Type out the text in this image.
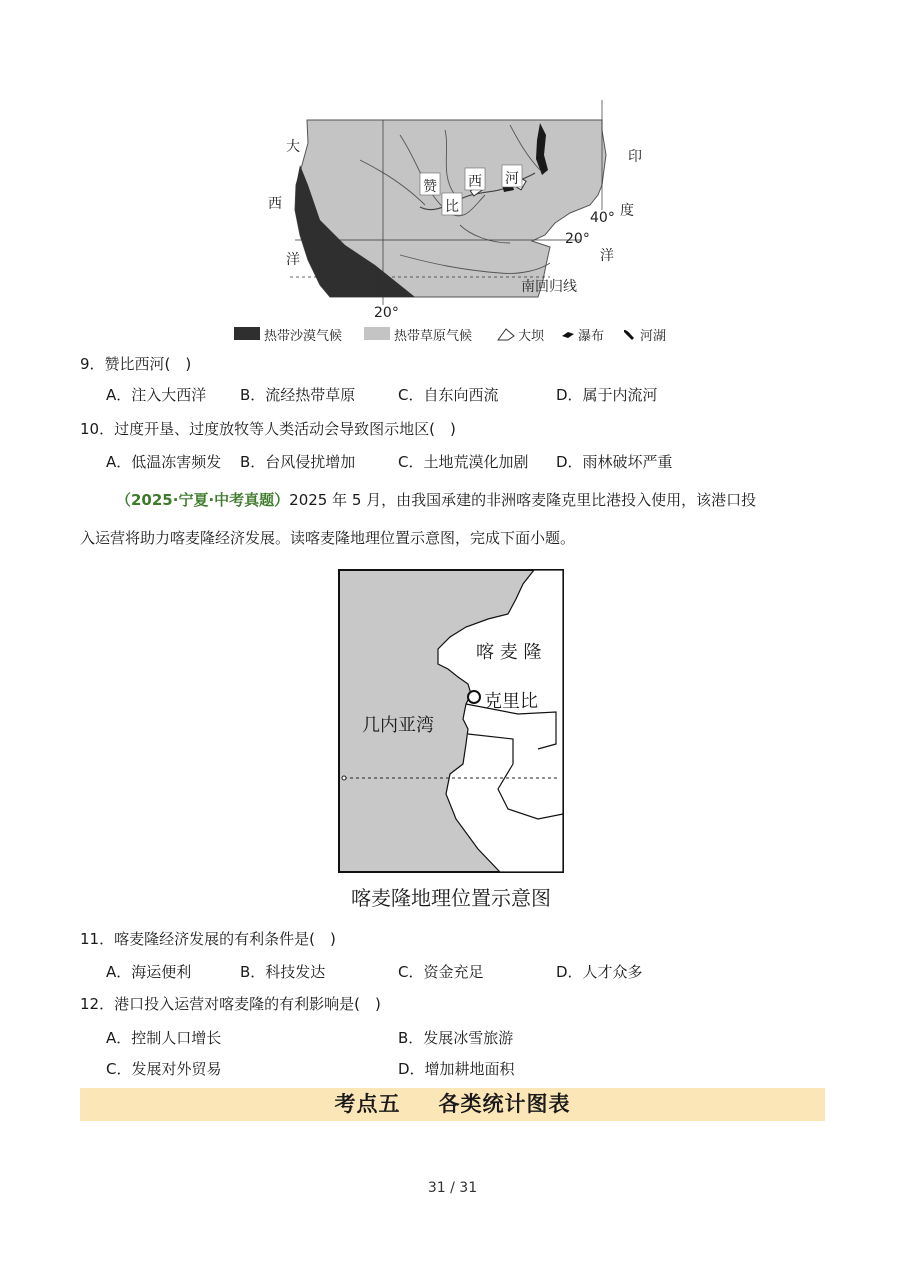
大
西
洋
印
度
洋
赞
比
西 河
20°
40°
20°
南回归线
热带沙漠气候	热带草原气候	大坝	瀑布	河湖
9．赞比西河(　)
A．注入大西洋 B．流经热带草原	C．自东向西流	D．属于内流河
10．过度开垦、过度放牧等人类活动会导致图示地区(　)
A．低温冻害频发 B．台风侵扰增加	C．土地荒漠化加剧 D．雨林破坏严重
（2025·宁夏·中考真题）2025 年 5 月，由我国承建的非洲喀麦隆克里比港投入使用，该港口投
入运营将助力喀麦隆经济发展。读喀麦隆地理位置示意图，完成下面小题。
喀 麦 隆
克里比
几内亚湾
喀麦隆地理位置示意图
11．喀麦隆经济发展的有利条件是(　)
A．海运便利	B．科技发达	C．资金充足	D．人才众多
12．港口投入运营对喀麦隆的有利影响是(　)
A．控制人口增长	B．发展冰雪旅游
C．发展对外贸易	D．增加耕地面积
考点五 各类统计图表
31 / 31
